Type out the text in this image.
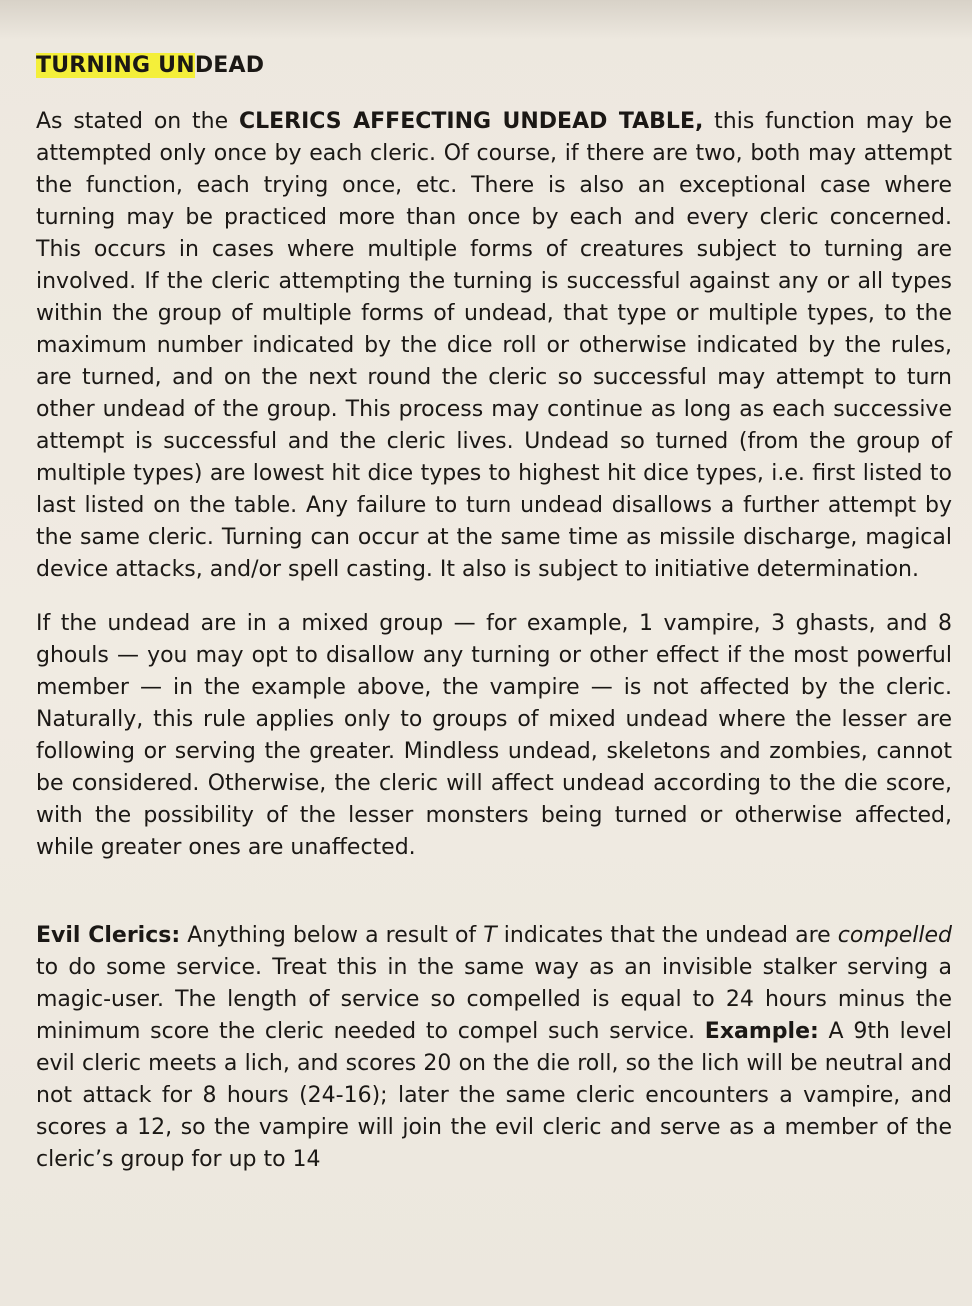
TURNING UNDEAD

As stated on the CLERICS AFFECTING UNDEAD TABLE, this function may be attempted only once by each cleric. Of course, if there are two, both may attempt the function, each trying once, etc. There is also an exceptional case where turning may be practiced more than once by each and every cleric concerned. This occurs in cases where multiple forms of creatures subject to turning are involved. If the cleric attempting the turning is successful against any or all types within the group of multiple forms of undead, that type or multiple types, to the maximum number indicated by the dice roll or otherwise indicated by the rules, are turned, and on the next round the cleric so successful may attempt to turn other undead of the group. This process may continue as long as each successive attempt is successful and the cleric lives. Undead so turned (from the group of multiple types) are lowest hit dice types to highest hit dice types, i.e. first listed to last listed on the table. Any failure to turn undead disallows a further attempt by the same cleric. Turning can occur at the same time as missile discharge, magical device attacks, and/or spell casting. It also is subject to initiative determination.

If the undead are in a mixed group — for example, 1 vampire, 3 ghasts, and 8 ghouls — you may opt to disallow any turning or other effect if the most powerful member — in the example above, the vampire — is not affected by the cleric. Naturally, this rule applies only to groups of mixed undead where the lesser are following or serving the greater. Mindless undead, skeletons and zombies, cannot be considered. Otherwise, the cleric will affect undead according to the die score, with the possibility of the lesser monsters being turned or otherwise affected, while greater ones are unaffected.

Evil Clerics: Anything below a result of T indicates that the undead are compelled to do some service. Treat this in the same way as an invisible stalker serving a magic-user. The length of service so compelled is equal to 24 hours minus the minimum score the cleric needed to compel such service. Example: A 9th level evil cleric meets a lich, and scores 20 on the die roll, so the lich will be neutral and not attack for 8 hours (24-16); later the same cleric encounters a vampire, and scores a 12, so the vampire will join the evil cleric and serve as a member of the cleric’s group for up to 14
